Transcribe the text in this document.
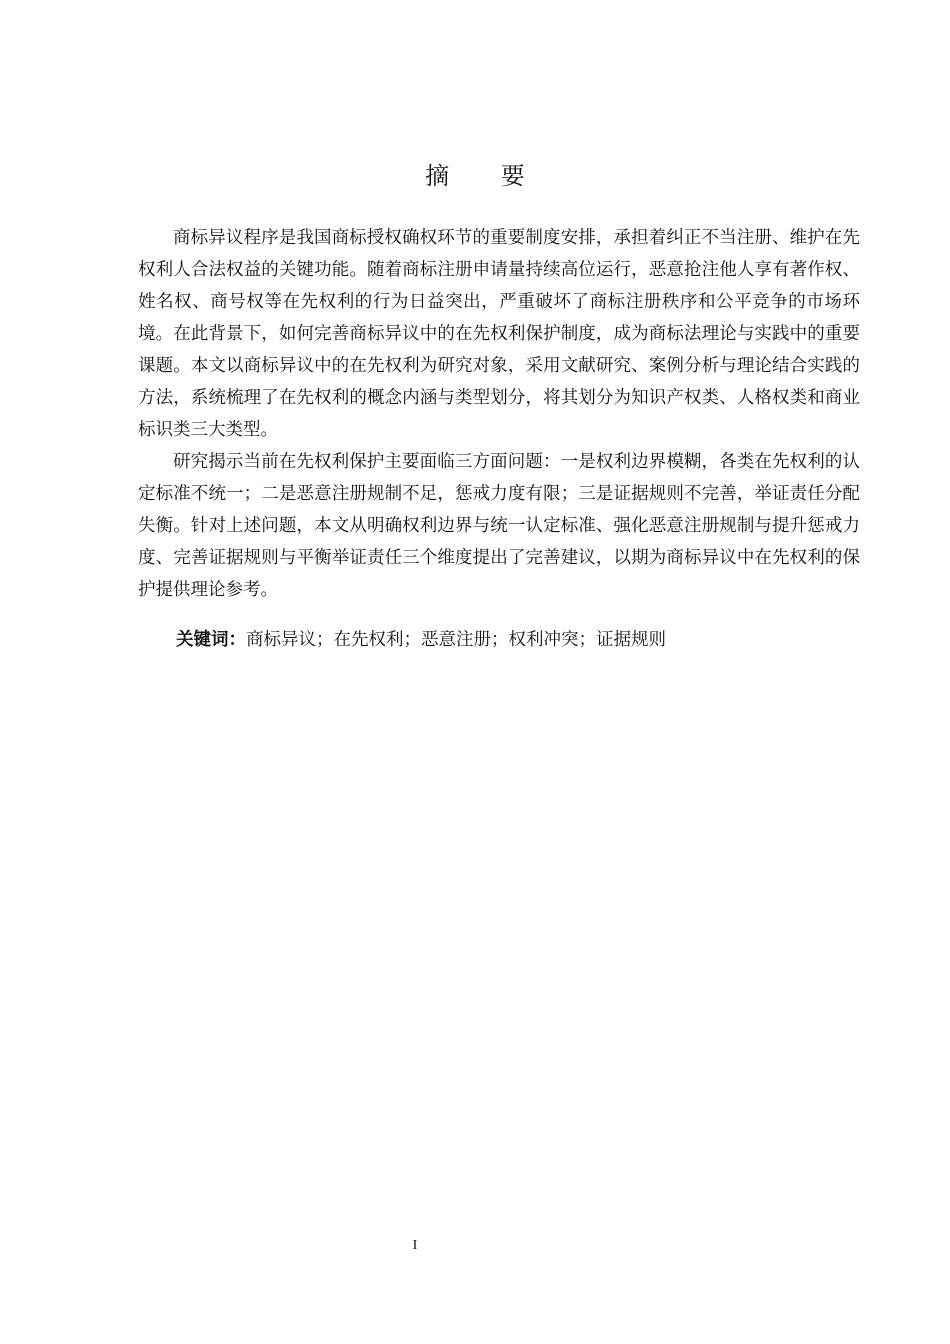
摘 要

商标异议程序是我国商标授权确权环节的重要制度安排，承担着纠正不当注册、维护在先权利人合法权益的关键功能。随着商标注册申请量持续高位运行，恶意抢注他人享有著作权、姓名权、商号权等在先权利的行为日益突出，严重破坏了商标注册秩序和公平竞争的市场环境。在此背景下，如何完善商标异议中的在先权利保护制度，成为商标法理论与实践中的重要课题。本文以商标异议中的在先权利为研究对象，采用文献研究、案例分析与理论结合实践的方法，系统梳理了在先权利的概念内涵与类型划分，将其划分为知识产权类、人格权类和商业标识类三大类型。

研究揭示当前在先权利保护主要面临三方面问题：一是权利边界模糊，各类在先权利的认定标准不统一；二是恶意注册规制不足，惩戒力度有限；三是证据规则不完善，举证责任分配失衡。针对上述问题，本文从明确权利边界与统一认定标准、强化恶意注册规制与提升惩戒力度、完善证据规则与平衡举证责任三个维度提出了完善建议，以期为商标异议中在先权利的保护提供理论参考。

关键词：商标异议；在先权利；恶意注册；权利冲突；证据规则
I
